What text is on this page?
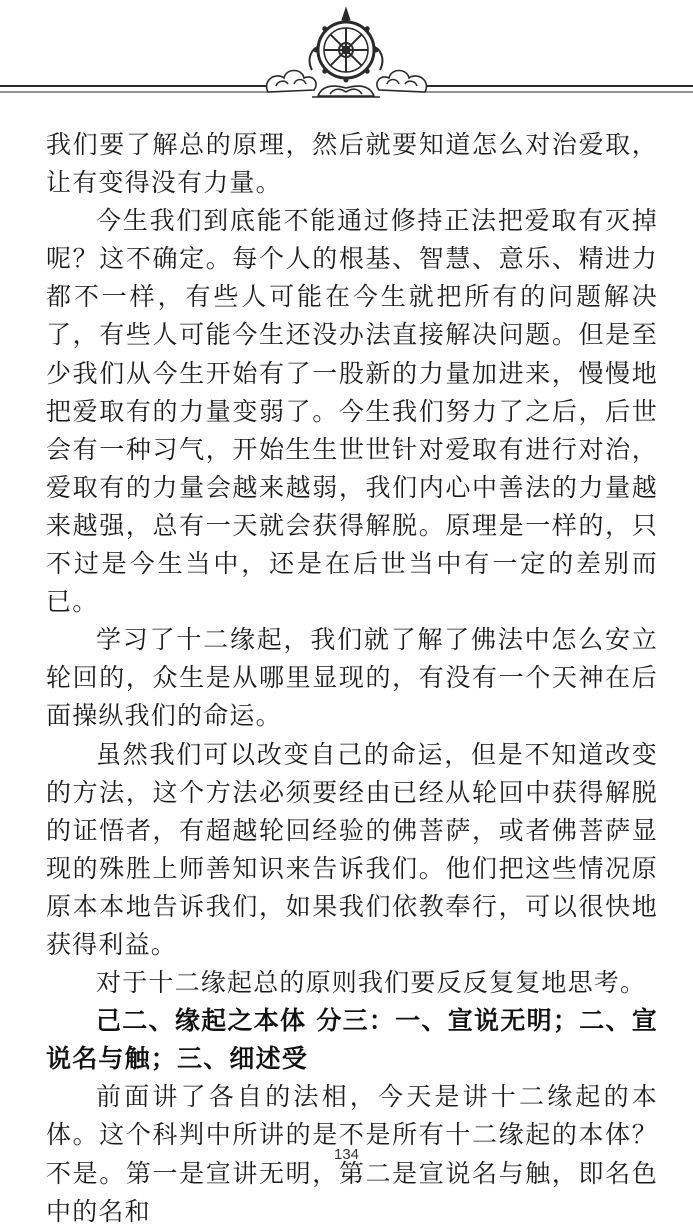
我们要了解总的原理，然后就要知道怎么对治爱取，让有变得没有力量。

今生我们到底能不能通过修持正法把爱取有灭掉呢？这不确定。每个人的根基、智慧、意乐、精进力都不一样，有些人可能在今生就把所有的问题解决了，有些人可能今生还没办法直接解决问题。但是至少我们从今生开始有了一股新的力量加进来，慢慢地把爱取有的力量变弱了。今生我们努力了之后，后世会有一种习气，开始生生世世针对爱取有进行对治，爱取有的力量会越来越弱，我们内心中善法的力量越来越强，总有一天就会获得解脱。原理是一样的，只不过是今生当中，还是在后世当中有一定的差别而已。

学习了十二缘起，我们就了解了佛法中怎么安立轮回的，众生是从哪里显现的，有没有一个天神在后面操纵我们的命运。

虽然我们可以改变自己的命运，但是不知道改变的方法，这个方法必须要经由已经从轮回中获得解脱的证悟者，有超越轮回经验的佛菩萨，或者佛菩萨显现的殊胜上师善知识来告诉我们。他们把这些情况原原本本地告诉我们，如果我们依教奉行，可以很快地获得利益。

对于十二缘起总的原则我们要反反复复地思考。

己二、缘起之本体 分三：一、宣说无明；二、宣说名与触；三、细述受

前面讲了各自的法相，今天是讲十二缘起的本体。这个科判中所讲的是不是所有十二缘起的本体？不是。第一是宣讲无明，第二是宣说名与触，即名色中的名和

134
